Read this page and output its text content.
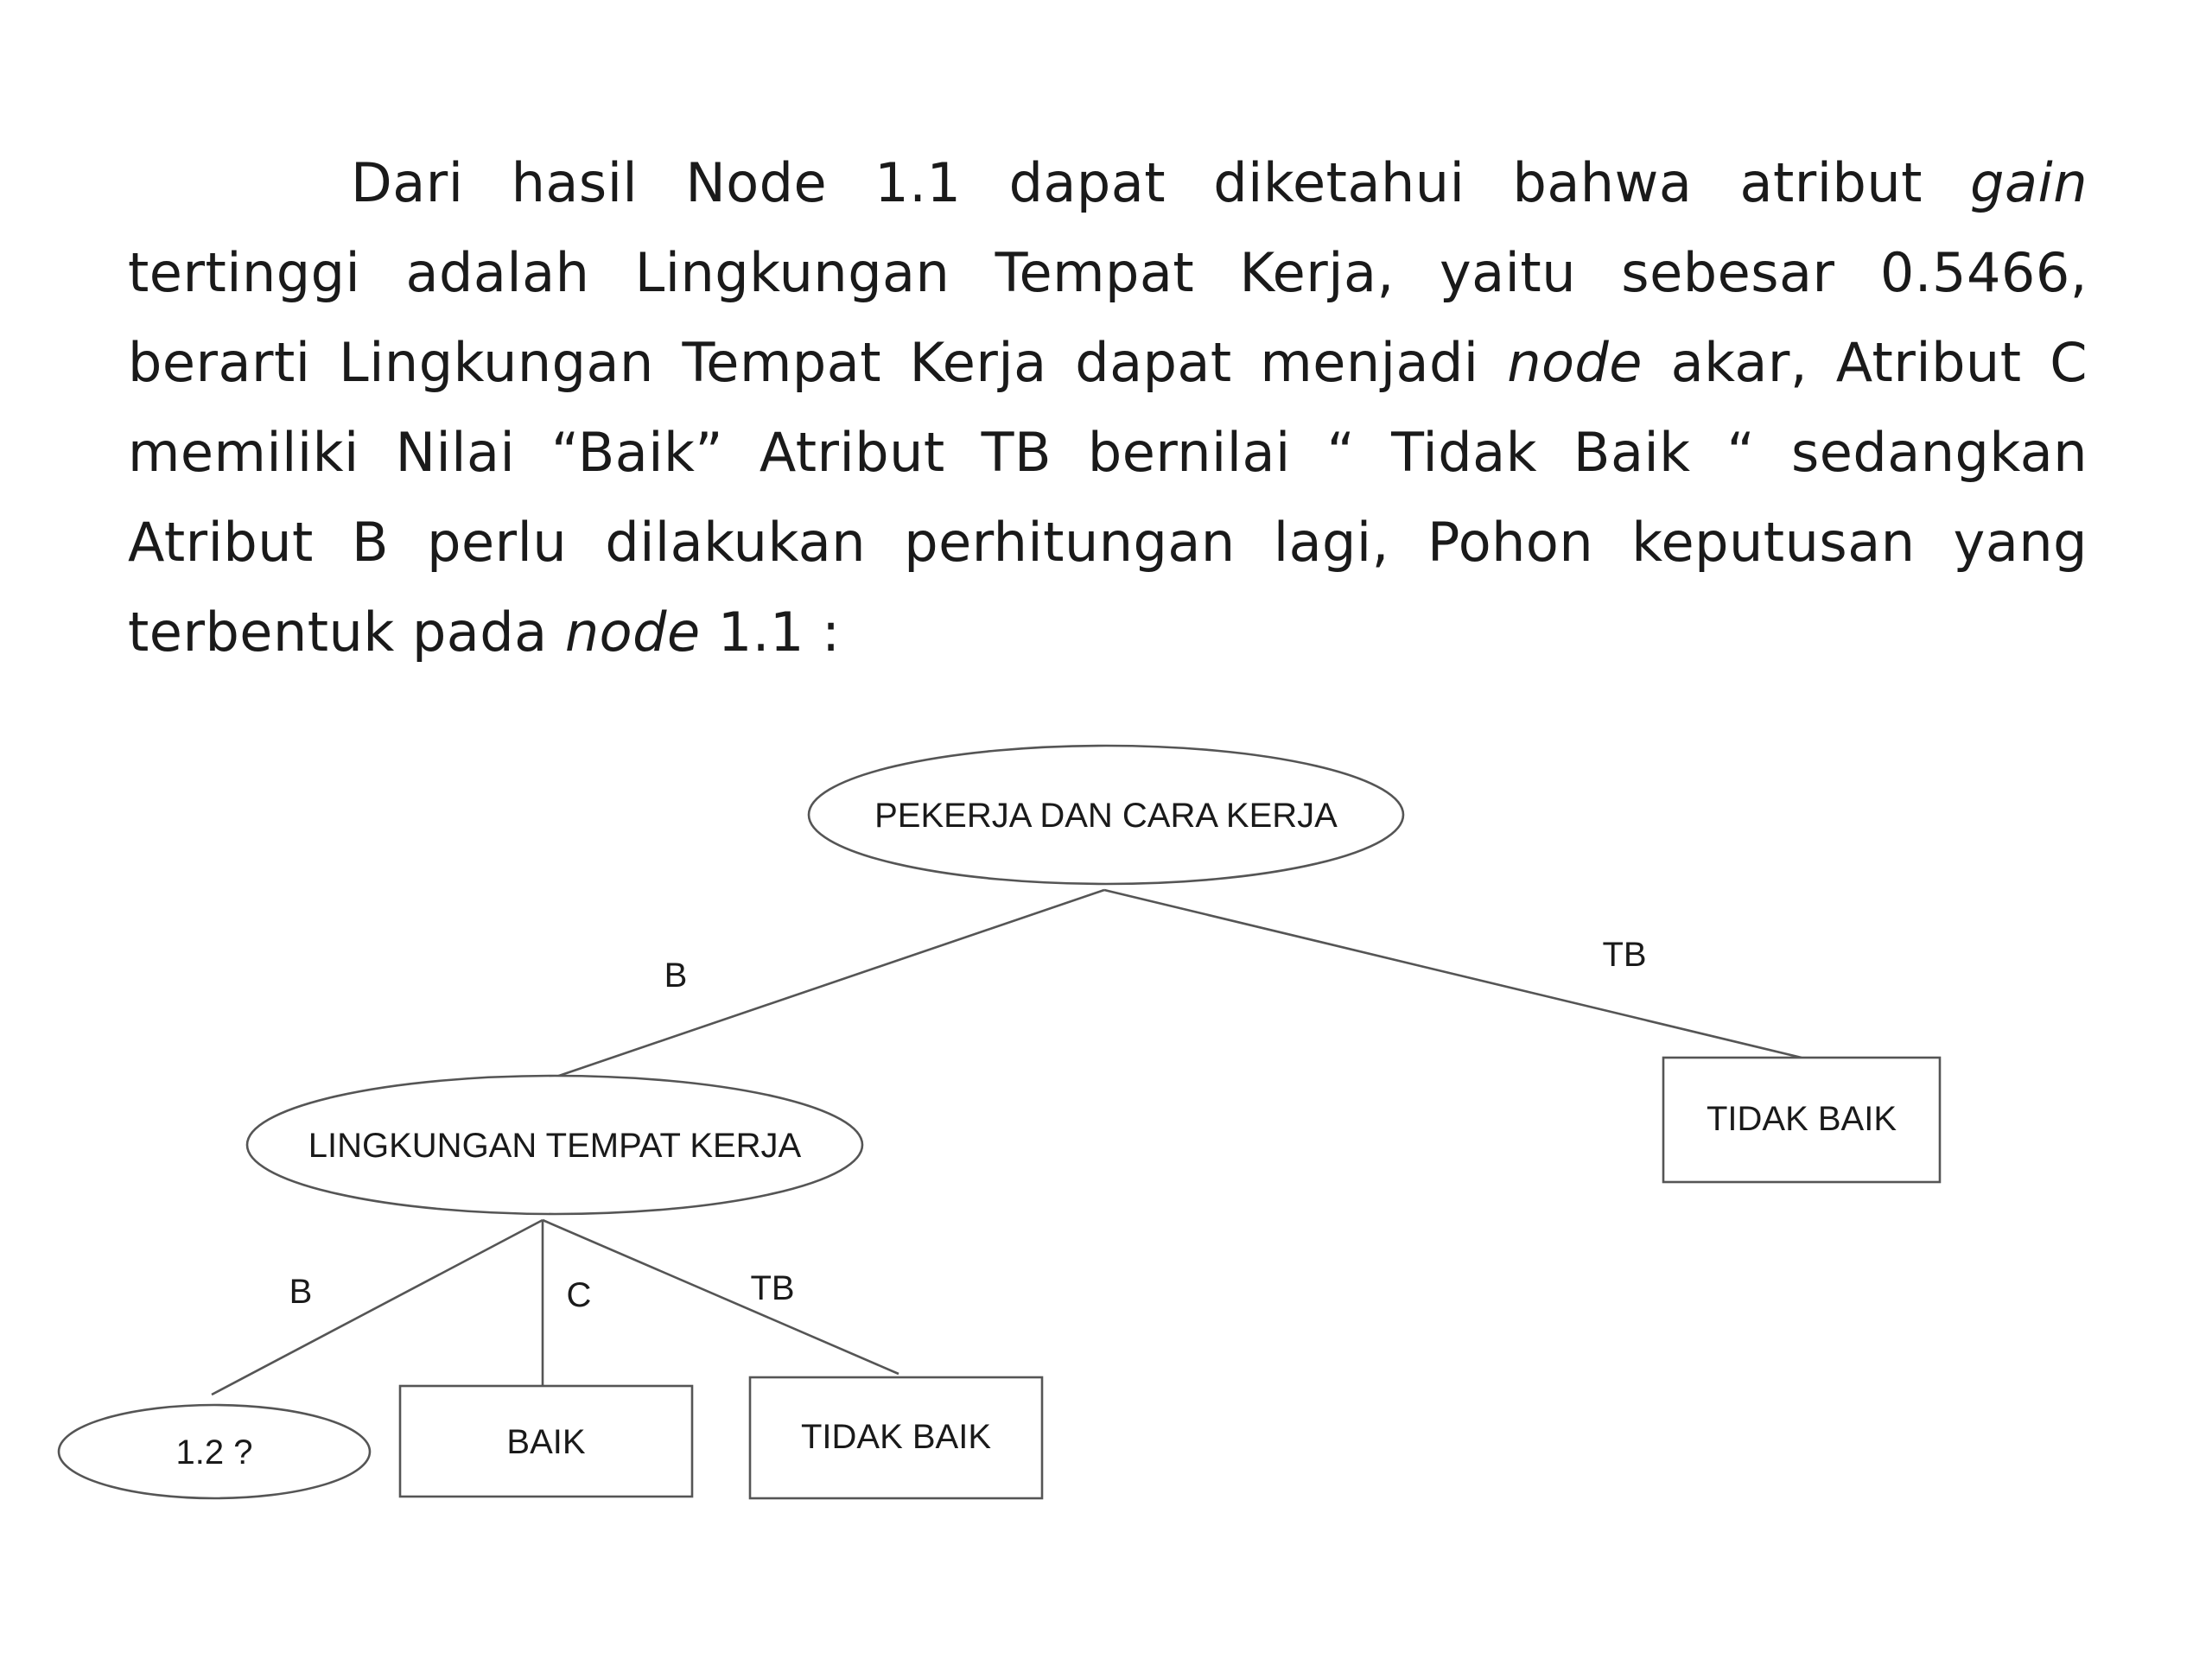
Dari hasil Node 1.1 dapat diketahui bahwa atribut gain tertinggi adalah Lingkungan Tempat Kerja, yaitu sebesar 0.5466, berarti Lingkungan Tempat Kerja dapat menjadi node akar, Atribut C memiliki Nilai “Baik” Atribut TB bernilai “ Tidak Baik “ sedangkan Atribut B perlu dilakukan perhitungan lagi, Pohon keputusan yang terbentuk pada node 1.1 :

PEKERJA DAN CARA KERJA
LINGKUNGAN TEMPAT KERJA
TIDAK BAIK
1.2 ?	BAIK	TIDAK BAIK
B
TB
B	C	TB
